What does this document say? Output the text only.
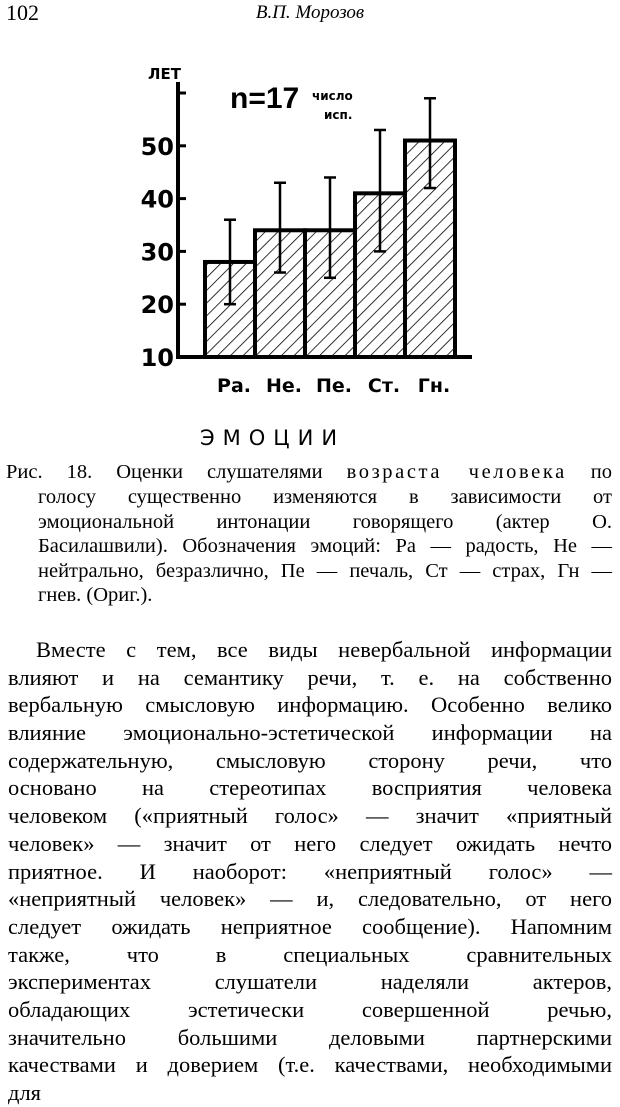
102	В.П. Морозов
ЛЕТ
n=17 число
исп.
10
20
30
40
50
Ра. Не. Пе. Ст. Гн.
ЭМОЦИИ
Рис. 18. Оценки слушателями возраста человека по
голосу существенно изменяются в зависимости от
эмоциональной интонации говорящего (актер О.
Басилашвили). Обозначения эмоций: Ра — радость, Не —
нейтрально, безразлично, Пе — печаль, Ст — страх, Гн —
гнев. (Ориг.).
Вместе с тем, все виды невербальной информации
влияют и на семантику речи, т. е. на собственно
вербальную смысловую информацию. Особенно велико
влияние эмоционально-эстетической информации на
содержательную, смысловую сторону речи, что
основано на стереотипах восприятия человека
человеком («приятный голос» — значит «приятный
человек» — значит от него следует ожидать нечто
приятное. И наоборот: «неприятный голос» —
«неприятный человек» — и, следовательно, от него
следует ожидать неприятное сообщение). Напомним
также, что в специальных сравнительных
экспериментах слушатели наделяли актеров,
обладающих эстетически совершенной речью,
значительно большими деловыми партнерскими
качествами и доверием (т.е. качествами, необходимыми
для
